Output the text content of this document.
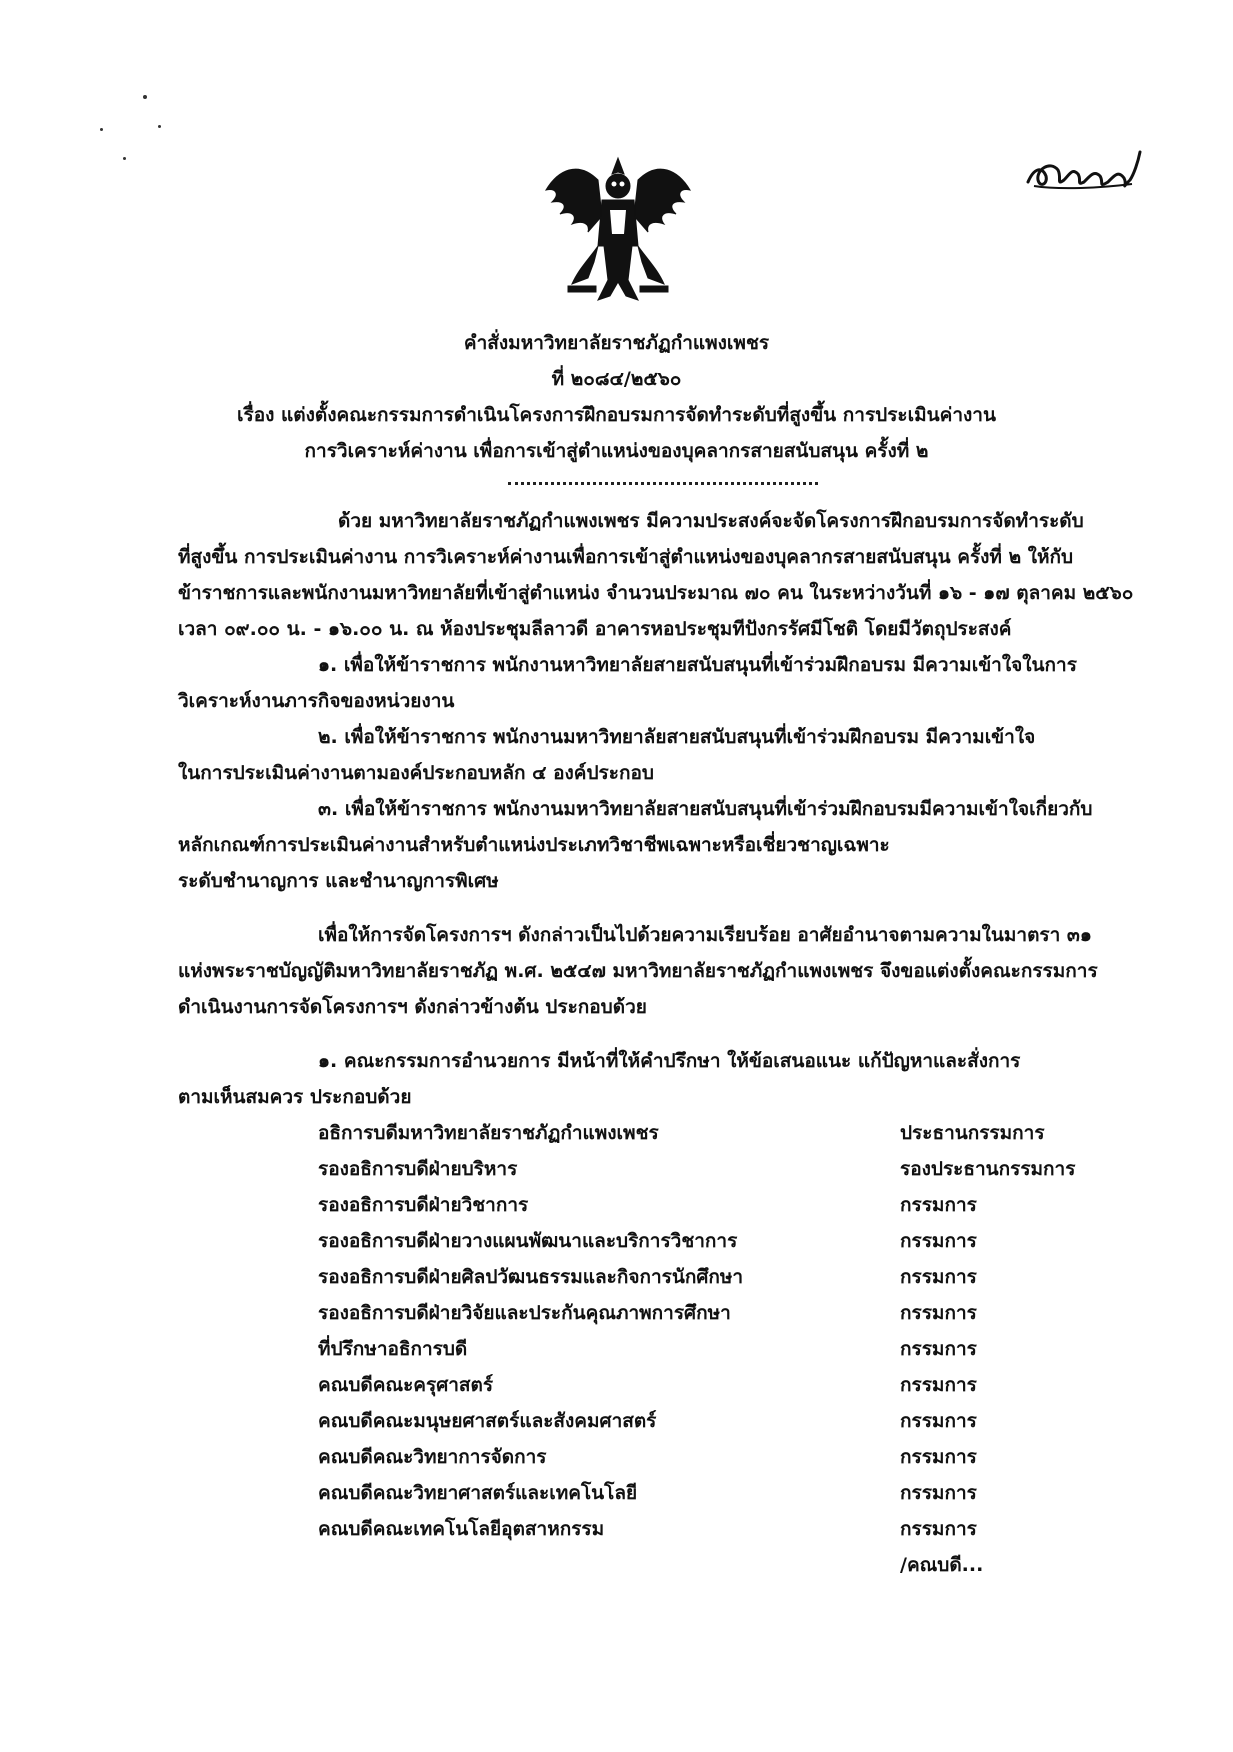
คำสั่งมหาวิทยาลัยราชภัฏกำแพงเพชร
ที่ ๒๐๘๔/๒๕๖๐
เรื่อง แต่งตั้งคณะกรรมการดำเนินโครงการฝึกอบรมการจัดทำระดับที่สูงขึ้น การประเมินค่างาน
การวิเคราะห์ค่างาน เพื่อการเข้าสู่ตำแหน่งของบุคลากรสายสนับสนุน ครั้งที่ ๒
ด้วย มหาวิทยาลัยราชภัฏกำแพงเพชร มีความประสงค์จะจัดโครงการฝึกอบรมการจัดทำระดับ
ที่สูงขึ้น การประเมินค่างาน การวิเคราะห์ค่างานเพื่อการเข้าสู่ตำแหน่งของบุคลากรสายสนับสนุน ครั้งที่ ๒ ให้กับ
ข้าราชการและพนักงานมหาวิทยาลัยที่เข้าสู่ตำแหน่ง จำนวนประมาณ ๗๐ คน ในระหว่างวันที่ ๑๖ - ๑๗ ตุลาคม ๒๕๖๐
เวลา ๐๙.๐๐ น. - ๑๖.๐๐ น. ณ ห้องประชุมลีลาวดี อาคารหอประชุมทีปังกรรัศมีโชติ โดยมีวัตถุประสงค์
๑. เพื่อให้ข้าราชการ พนักงานหาวิทยาลัยสายสนับสนุนที่เข้าร่วมฝึกอบรม มีความเข้าใจในการ
วิเคราะห์งานภารกิจของหน่วยงาน
๒. เพื่อให้ข้าราชการ พนักงานมหาวิทยาลัยสายสนับสนุนที่เข้าร่วมฝึกอบรม มีความเข้าใจ
ในการประเมินค่างานตามองค์ประกอบหลัก ๔ องค์ประกอบ
๓. เพื่อให้ข้าราชการ พนักงานมหาวิทยาลัยสายสนับสนุนที่เข้าร่วมฝึกอบรมมีความเข้าใจเกี่ยวกับ
หลักเกณฑ์การประเมินค่างานสำหรับตำแหน่งประเภทวิชาชีพเฉพาะหรือเชี่ยวชาญเฉพาะ
ระดับชำนาญการ และชำนาญการพิเศษ
เพื่อให้การจัดโครงการฯ ดังกล่าวเป็นไปด้วยความเรียบร้อย อาศัยอำนาจตามความในมาตรา ๓๑
แห่งพระราชบัญญัติมหาวิทยาลัยราชภัฏ พ.ศ. ๒๕๔๗ มหาวิทยาลัยราชภัฏกำแพงเพชร จึงขอแต่งตั้งคณะกรรมการ
ดำเนินงานการจัดโครงการฯ ดังกล่าวข้างต้น ประกอบด้วย
๑. คณะกรรมการอำนวยการ มีหน้าที่ให้คำปรึกษา ให้ข้อเสนอแนะ แก้ปัญหาและสั่งการ
ตามเห็นสมควร ประกอบด้วย
อธิการบดีมหาวิทยาลัยราชภัฏกำแพงเพชร	ประธานกรรมการ
รองอธิการบดีฝ่ายบริหาร	รองประธานกรรมการ
รองอธิการบดีฝ่ายวิชาการ	กรรมการ
รองอธิการบดีฝ่ายวางแผนพัฒนาและบริการวิชาการ	กรรมการ
รองอธิการบดีฝ่ายศิลปวัฒนธรรมและกิจการนักศึกษา	กรรมการ
รองอธิการบดีฝ่ายวิจัยและประกันคุณภาพการศึกษา	กรรมการ
ที่ปรึกษาอธิการบดี	กรรมการ
คณบดีคณะครุศาสตร์	กรรมการ
คณบดีคณะมนุษยศาสตร์และสังคมศาสตร์	กรรมการ
คณบดีคณะวิทยาการจัดการ	กรรมการ
คณบดีคณะวิทยาศาสตร์และเทคโนโลยี	กรรมการ
คณบดีคณะเทคโนโลยีอุตสาหกรรม	กรรมการ
/คณบดี...
